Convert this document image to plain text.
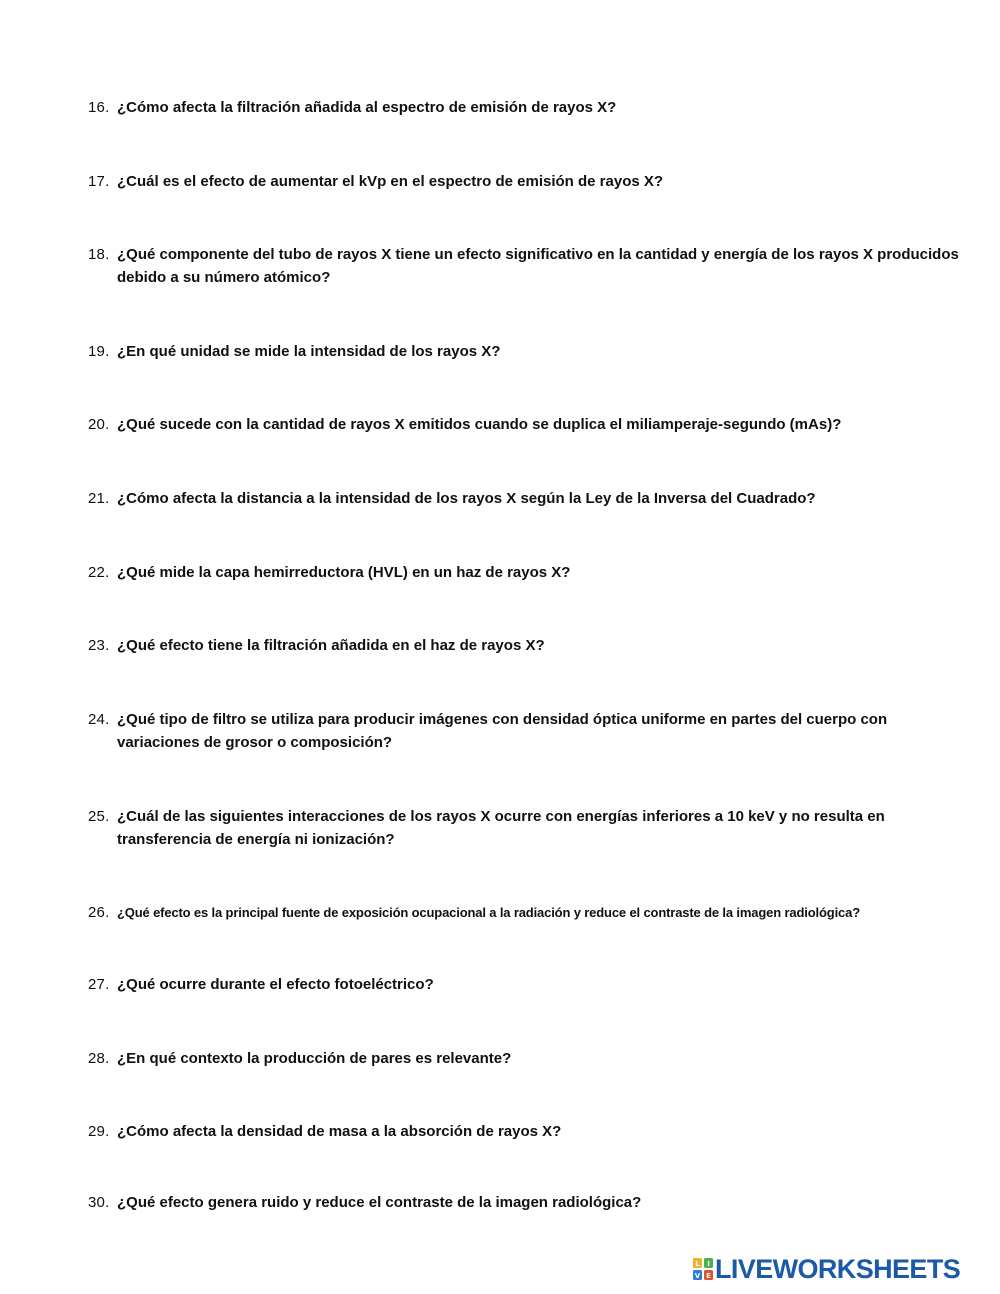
16. ¿Cómo afecta la filtración añadida al espectro de emisión de rayos X?
17. ¿Cuál es el efecto de aumentar el kVp en el espectro de emisión de rayos X?
18. ¿Qué componente del tubo de rayos X tiene un efecto significativo en la cantidad y energía de los rayos X producidos debido a su número atómico?
19. ¿En qué unidad se mide la intensidad de los rayos X?
20. ¿Qué sucede con la cantidad de rayos X emitidos cuando se duplica el miliamperaje-segundo (mAs)?
21. ¿Cómo afecta la distancia a la intensidad de los rayos X según la Ley de la Inversa del Cuadrado?
22. ¿Qué mide la capa hemirreductora (HVL) en un haz de rayos X?
23. ¿Qué efecto tiene la filtración añadida en el haz de rayos X?
24. ¿Qué tipo de filtro se utiliza para producir imágenes con densidad óptica uniforme en partes del cuerpo con variaciones de grosor o composición?
25. ¿Cuál de las siguientes interacciones de los rayos X ocurre con energías inferiores a 10 keV y no resulta en transferencia de energía ni ionización?
26. ¿Qué efecto es la principal fuente de exposición ocupacional a la radiación y reduce el contraste de la imagen radiológica?
27. ¿Qué ocurre durante el efecto fotoeléctrico?
28. ¿En qué contexto la producción de pares es relevante?
29. ¿Cómo afecta la densidad de masa a la absorción de rayos X?
30. ¿Qué efecto genera ruido y reduce el contraste de la imagen radiológica?
L I
V E LIVEWORKSHEETS
